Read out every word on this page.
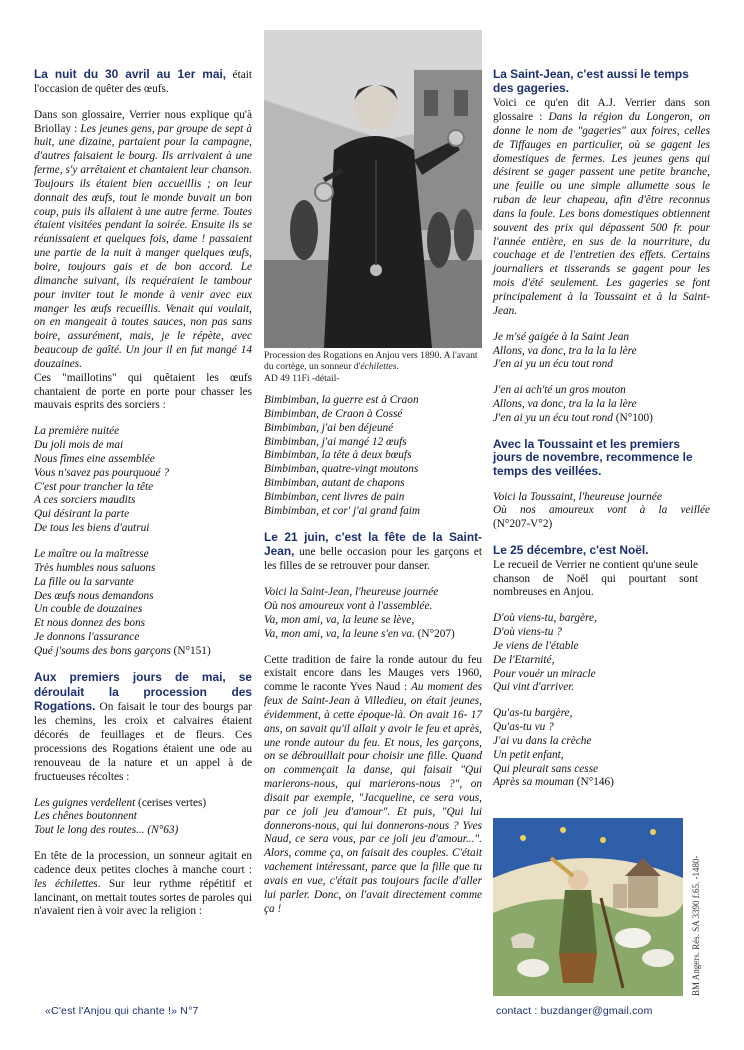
La nuit du 30 avril au 1er mai, était l'occasion de quêter des œufs.

Dans son glossaire, Verrier nous explique qu'à Briollay : Les jeunes gens, par groupe de sept à huit, une dizaine, partaient pour la campagne, d'autres faisaient le bourg. Ils arrivaient à une ferme, s'y arrêtaient et chantaient leur chanson. Toujours ils étaient bien accueillis ; on leur donnait des œufs, tout le monde buvait un bon coup, puis ils allaient à une autre ferme. Toutes étaient visitées pendant la soirée. Ensuite ils se réunissaient et quelques fois, dame ! passaient une partie de la nuit à manger quelques œufs, boire, toujours gais et de bon accord. Le dimanche suivant, ils requéraient le tambour pour inviter tout le monde à venir avec eux manger les œufs recueillis. Venait qui voulait, on en mangeait à toutes sauces, non pas sans boire, assurément, mais, je le répète, avec beaucoup de gaîté. Un jour il en fut mangé 14 douzaines.

Ces "maillotins" qui quêtaient les œufs chantaient de porte en porte pour chasser les mauvais esprits des sorciers :

La première nuitée
Du joli mois de mai
Nous fîmes eine assemblée
Vous n'savez pas pourquoué ?
C'est pour trancher la tête
A ces sorciers maudits
Qui désirant la parte
De tous les biens d'autrui
Le maître ou la maîtresse
Très humbles nous saluons
La fille ou la sarvante
Des œufs nous demandons
Un couble de douzaines
Et nous donnez des bons
Je donnons l'assurance
Qué j'soums des bons garçons (N°151)

Aux premiers jours de mai, se déroulait la procession des Rogations. On faisait le tour des bourgs par les chemins, les croix et calvaires étaient décorés de feuillages et de fleurs. Ces processions des Rogations étaient une ode au renouveau de la nature et un appel à de fructueuses récoltes :

Les guignes verdellent (cerises vertes)
Les chênes boutonnent
Tout le long des routes... (N°63)

En tête de la procession, un sonneur agitait en cadence deux petites cloches à manche court : les échilettes. Sur leur rythme répétitif et lancinant, on mettait toutes sortes de paroles qui n'avaient rien à voir avec la religion :

Procession des Rogations en Anjou vers 1890. A l'avant du cortège, un sonneur d'échilettes.
AD 49 11Fi -détail-
Bimbimban, la guerre est à Craon
Bimbimban, de Craon à Cossé
Bimbimban, j'ai ben déjeuné
Bimbimban, j'ai mangé 12 œufs
Bimbimban, la tête à deux bœufs
Bimbimban, quatre-vingt moutons
Bimbimban, autant de chapons
Bimbimban, cent livres de pain
Bimbimban, et cor' j'ai grand faim

Le 21 juin, c'est la fête de la Saint-Jean, une belle occasion pour les garçons et les filles de se retrouver pour danser.

Voici la Saint-Jean, l'heureuse journée
Où nos amoureux vont à l'assemblée.
Va, mon ami, va, la leune se lève,
Va, mon ami, va, la leune s'en va. (N°207)

Cette tradition de faire la ronde autour du feu existait encore dans les Mauges vers 1960, comme le raconte Yves Naud : Au moment des feux de Saint-Jean à Villedieu, on était jeunes, évidemment, à cette époque-là. On avait 16- 17 ans, on savait qu'il allait y avoir le feu et après, une ronde autour du feu. Et nous, les garçons, on se débrouillait pour choisir une fille. Quand on commençait la danse, qui faisait "Qui marierons-nous, qui marierons-nous ?", on disait par exemple, "Jacqueline, ce sera vous, par ce joli jeu d'amour". Et puis, "Qui lui donnerons-nous, qui lui donnerons-nous ? Yves Naud, ce sera vous, par ce joli jeu d'amour...". Alors, comme ça, on faisait des couples. C'était vachement intéressant, parce que la fille que tu avais en vue, c'était pas toujours facile d'aller lui parler. Donc, on l'avait directement comme ça !

La Saint-Jean, c'est aussi le temps des gageries.

Voici ce qu'en dit A.J. Verrier dans son glossaire : Dans la région du Longeron, on donne le nom de "gageries" aux foires, celles de Tiffauges en particulier, où se gagent les domestiques de fermes. Les jeunes gens qui désirent se gager passent une petite branche, une feuille ou une simple allumette sous le ruban de leur chapeau, afin d'être reconnus dans la foule. Les bons domestiques obtiennent souvent des prix qui dépassent 500 fr. pour l'année entière, en sus de la nourriture, du couchage et de l'entretien des effets. Certains journaliers et tisserands se gagent pour les mois d'été seulement. Les gageries se font principalement à la Toussaint et à la Saint-Jean.

Je m'sé gaigée à la Saint Jean
Allons, va donc, tra la la la lère
J'en ai yu un écu tout rond
J'en ai ach'té un gros mouton
Allons, va donc, tra la la la lère
J'en ai yu un écu tout rond (N°100)
Avec la Toussaint et les premiers jours de novembre, recommence le temps des veillées.
Voici la Toussaint, l'heureuse journée
Où nos amoureux vont à la veillée
(N°207-V°2)
Le 25 décembre, c'est Noël.

Le recueil de Verrier ne contient qu'une seule chanson de Noël qui pourtant sont nombreuses en Anjou.

D'où viens-tu, bargère,
D'où viens-tu ?
Je viens de l'étable
De l'Etarnité,
Pour vouér un miracle
Qui vint d'arriver.
Qu'as-tu bargère,
Qu'as-tu vu ?
J'ai vu dans la crèche
Un petit enfant,
Qui pleurait sans cesse
Après sa mouman (N°146)
BM Angers. Rés. SA 3390 f.65. -1480-
«C'est l'Anjou qui chante !» N°7	contact : buzdanger@gmail.com
